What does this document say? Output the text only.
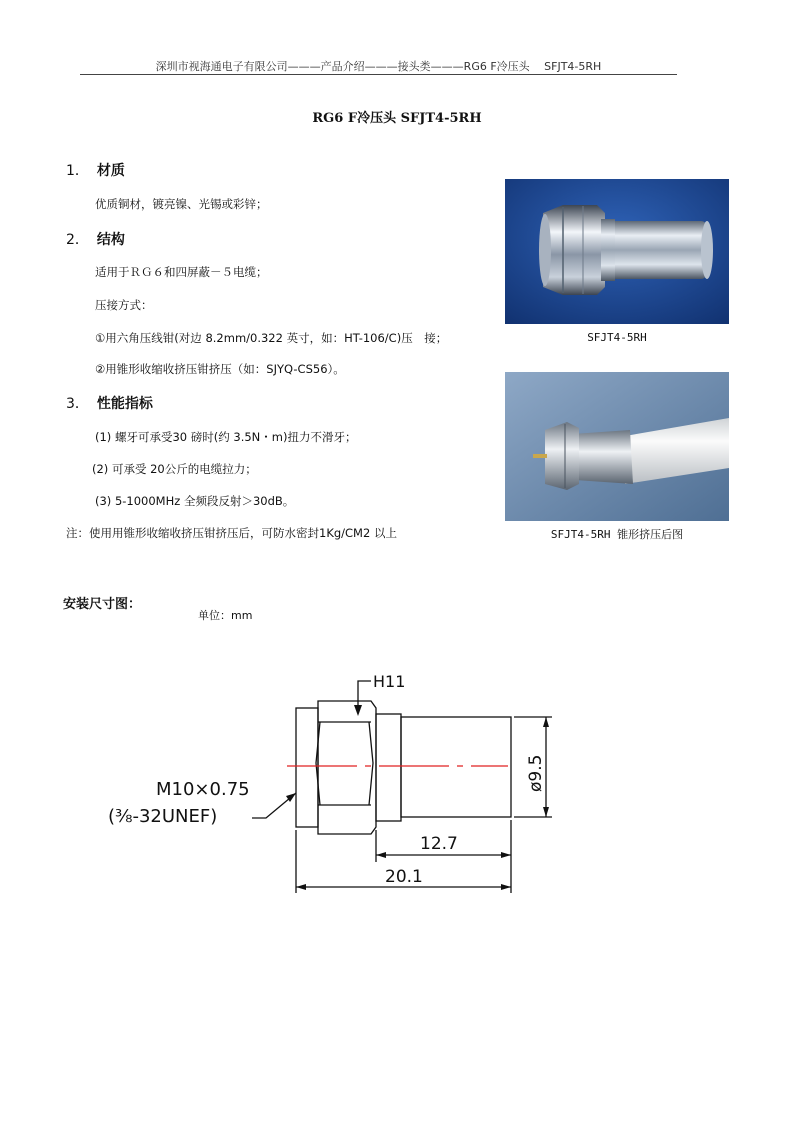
深圳市视海通电子有限公司———产品介绍———接头类———RG6 F冷压头　 SFJT4-5RH
RG6 F冷压头 SFJT4-5RH
1． 材质
优质铜材，镀亮镍、光锡或彩锌；
2． 结构
适用于ＲＧ６和四屏蔽－５电缆；
压接方式：
①用六角压线钳(对边 8.2mm/0.322 英寸，如：HT-106/C)压　接；
②用锥形收缩收挤压钳挤压（如：SJYQ-CS56）。
3． 性能指标
(1) 螺牙可承受30 磅时(约 3.5N・m)扭力不滑牙；
(2) 可承受 20公斤的电缆拉力；
(3) 5-1000MHz 全频段反射＞30dB。
注：使用用锥形收缩收挤压钳挤压后，可防水密封1Kg/CM2 以上
SFJT4-5RH
SFJT4-5RH 锥形挤压后图
安装尺寸图：
单位：mm
H11
M10×0.75
(⅜-32UNEF)
12.7
20.1
ø9.5
